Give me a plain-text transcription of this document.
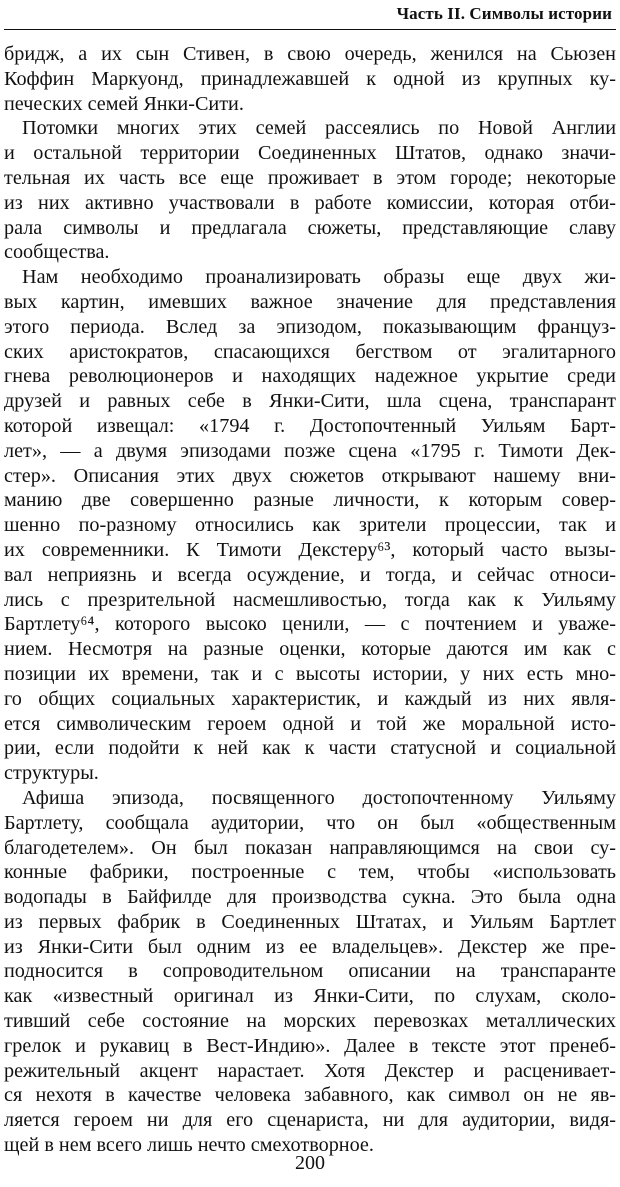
Часть II. Символы истории
бридж, а их сын Стивен, в свою очередь, женился на Сьюзен
Коффин Маркуонд, принадлежавшей к одной из крупных ку-
печеских семей Янки-Сити.
Потомки многих этих семей рассеялись по Новой Англии
и остальной территории Соединенных Штатов, однако значи-
тельная их часть все еще проживает в этом городе; некоторые
из них активно участвовали в работе комиссии, которая отби-
рала символы и предлагала сюжеты, представляющие славу
сообщества.
Нам необходимо проанализировать образы еще двух жи-
вых картин, имевших важное значение для представления
этого периода. Вслед за эпизодом, показывающим француз-
ских аристократов, спасающихся бегством от эгалитарного
гнева революционеров и находящих надежное укрытие среди
друзей и равных себе в Янки-Сити, шла сцена, транспарант
которой извещал: «1794 г. Достопочтенный Уильям Барт-
лет», — а двумя эпизодами позже сцена «1795 г. Тимоти Дек-
стер». Описания этих двух сюжетов открывают нашему вни-
манию две совершенно разные личности, к которым совер-
шенно по-разному относились как зрители процессии, так и
их современники. К Тимоти Декстеру⁶³, который часто вызы-
вал неприязнь и всегда осуждение, и тогда, и сейчас относи-
лись с презрительной насмешливостью, тогда как к Уильяму
Бартлету⁶⁴, которого высоко ценили, — с почтением и уваже-
нием. Несмотря на разные оценки, которые даются им как с
позиции их времени, так и с высоты истории, у них есть мно-
го общих социальных характеристик, и каждый из них явля-
ется символическим героем одной и той же моральной исто-
рии, если подойти к ней как к части статусной и социальной
структуры.
Афиша эпизода, посвященного достопочтенному Уильяму
Бартлету, сообщала аудитории, что он был «общественным
благодетелем». Он был показан направляющимся на свои су-
конные фабрики, построенные с тем, чтобы «использовать
водопады в Байфилде для производства сукна. Это была одна
из первых фабрик в Соединенных Штатах, и Уильям Бартлет
из Янки-Сити был одним из ее владельцев». Декстер же пре-
подносится в сопроводительном описании на транспаранте
как «известный оригинал из Янки-Сити, по слухам, сколо-
тивший себе состояние на морских перевозках металлических
грелок и рукавиц в Вест-Индию». Далее в тексте этот пренеб-
режительный акцент нарастает. Хотя Декстер и расценивает-
ся нехотя в качестве человека забавного, как символ он не яв-
ляется героем ни для его сценариста, ни для аудитории, видя-
щей в нем всего лишь нечто смехотворное.
200
